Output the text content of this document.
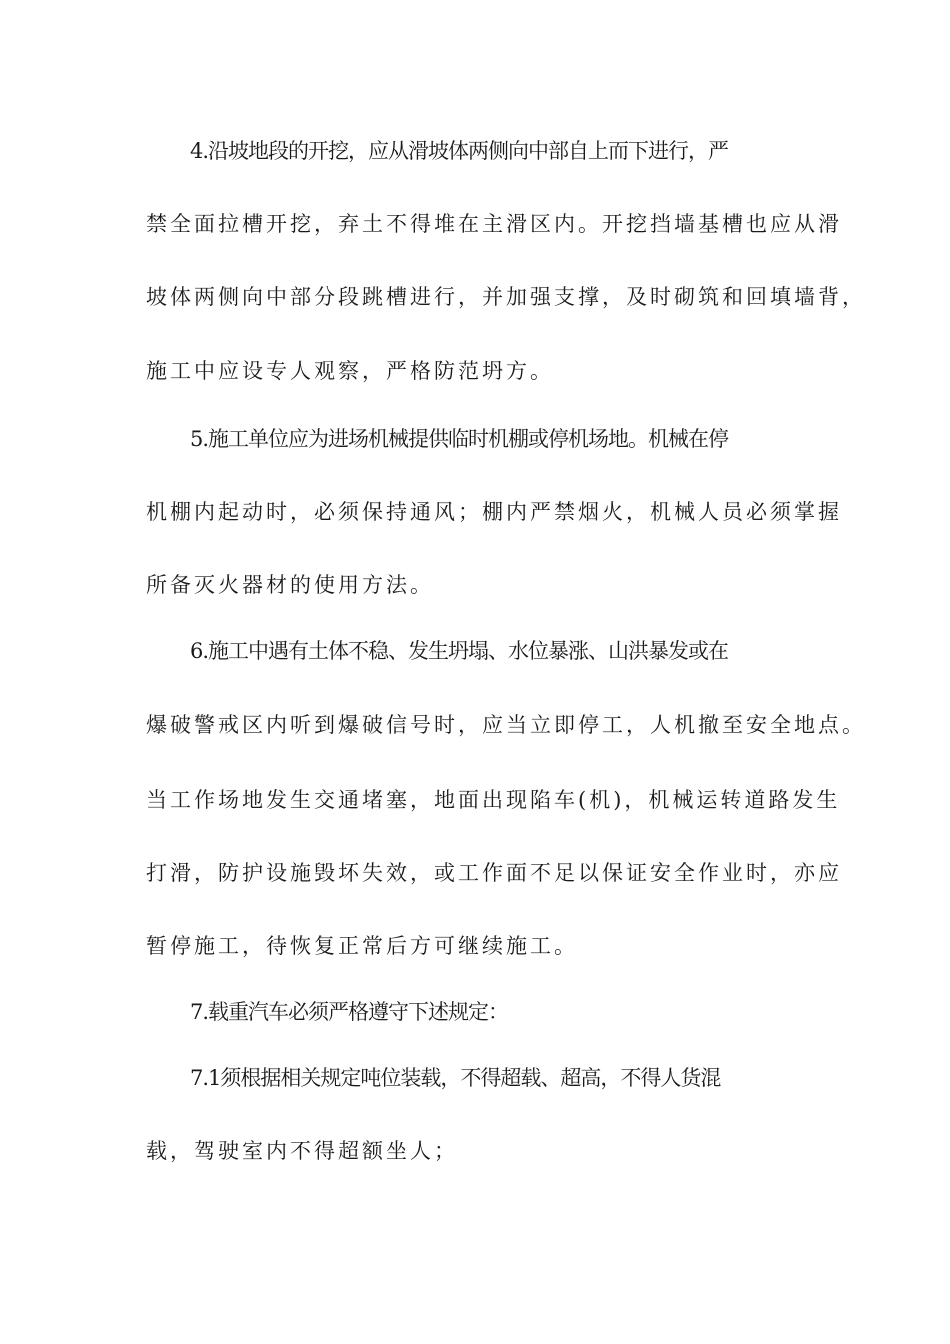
4.沿坡地段的开挖，应从滑坡体两侧向中部自上而下进行，严
禁全面拉槽开挖，弃土不得堆在主滑区内。开挖挡墙基槽也应从滑
坡体两侧向中部分段跳槽进行，并加强支撑，及时砌筑和回填墙背，
施工中应设专人观察，严格防范坍方。
5.施工单位应为进场机械提供临时机棚或停机场地。机械在停
机棚内起动时，必须保持通风；棚内严禁烟火，机械人员必须掌握
所备灭火器材的使用方法。
6.施工中遇有土体不稳、发生坍塌、水位暴涨、山洪暴发或在
爆破警戒区内听到爆破信号时，应当立即停工，人机撤至安全地点。
当工作场地发生交通堵塞，地面出现陷车(机)，机械运转道路发生
打滑，防护设施毁坏失效，或工作面不足以保证安全作业时，亦应
暂停施工，待恢复正常后方可继续施工。
7.载重汽车必须严格遵守下述规定：
7.1须根据相关规定吨位装载，不得超载、超高，不得人货混
载，驾驶室内不得超额坐人；
